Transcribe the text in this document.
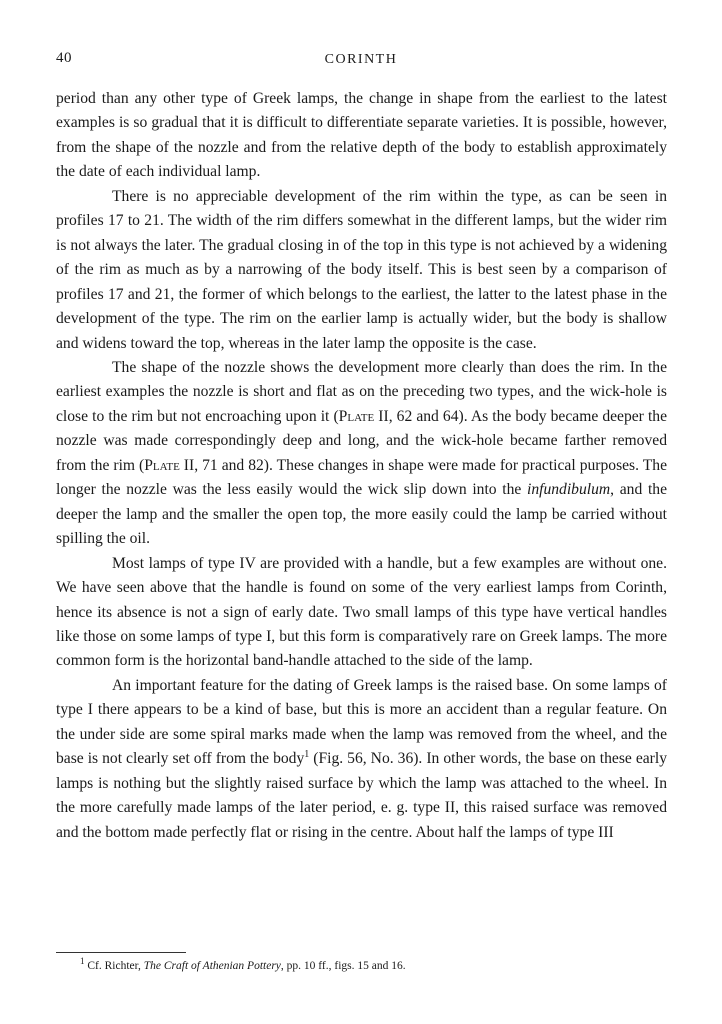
40	CORINTH

period than any other type of Greek lamps, the change in shape from the earliest to the latest examples is so gradual that it is difficult to differentiate separate varieties. It is possible, however, from the shape of the nozzle and from the relative depth of the body to establish approximately the date of each individual lamp.

There is no appreciable development of the rim within the type, as can be seen in profiles 17 to 21. The width of the rim differs somewhat in the different lamps, but the wider rim is not always the later. The gradual closing in of the top in this type is not achieved by a widening of the rim as much as by a narrowing of the body itself. This is best seen by a comparison of profiles 17 and 21, the former of which belongs to the earliest, the latter to the latest phase in the development of the type. The rim on the earlier lamp is actually wider, but the body is shallow and widens toward the top, whereas in the later lamp the opposite is the case.

The shape of the nozzle shows the development more clearly than does the rim. In the earliest examples the nozzle is short and flat as on the preceding two types, and the wick-hole is close to the rim but not encroaching upon it (Plate II, 62 and 64). As the body became deeper the nozzle was made correspondingly deep and long, and the wick-hole became farther removed from the rim (Plate II, 71 and 82). These changes in shape were made for practical purposes. The longer the nozzle was the less easily would the wick slip down into the infundibulum, and the deeper the lamp and the smaller the open top, the more easily could the lamp be carried without spilling the oil.

Most lamps of type IV are provided with a handle, but a few examples are without one. We have seen above that the handle is found on some of the very earliest lamps from Corinth, hence its absence is not a sign of early date. Two small lamps of this type have vertical handles like those on some lamps of type I, but this form is comparatively rare on Greek lamps. The more common form is the horizontal band-handle attached to the side of the lamp.

An important feature for the dating of Greek lamps is the raised base. On some lamps of type I there appears to be a kind of base, but this is more an accident than a regular feature. On the under side are some spiral marks made when the lamp was removed from the wheel, and the base is not clearly set off from the body$^1$ (Fig. 56, No. 36). In other words, the base on these early lamps is nothing but the slightly raised surface by which the lamp was attached to the wheel. In the more carefully made lamps of the later period, e. g. type II, this raised surface was removed and the bottom made perfectly flat or rising in the centre. About half the lamps of type III

$^1$ Cf. Richter, The Craft of Athenian Pottery, pp. 10 ff., figs. 15 and 16.
